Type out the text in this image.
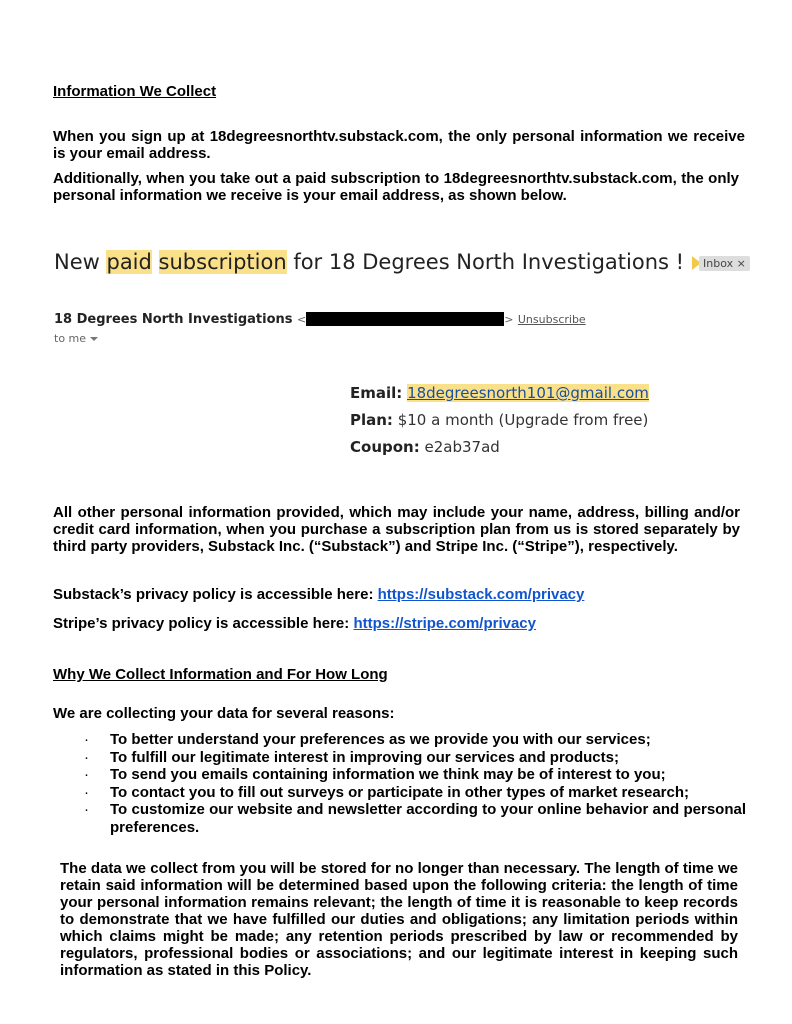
Information We Collect
When you sign up at 18degreesnorthtv.substack.com, the only personal information we receive is your email address.
Additionally, when you take out a paid subscription to 18degreesnorthtv.substack.com, the only personal information we receive is your email address, as shown below.
New paid subscription for 18 Degrees North Investigations !	Inbox ×
18 Degrees North Investigations <	> Unsubscribe
to me
Email: 18degreesnorth101@gmail.com
Plan: $10 a month (Upgrade from free)
Coupon: e2ab37ad
All other personal information provided, which may include your name, address, billing and/or credit card information, when you purchase a subscription plan from us is stored separately by third party providers, Substack Inc. (“Substack”) and Stripe Inc. (“Stripe”), respectively.
Substack’s privacy policy is accessible here: https://substack.com/privacy
Stripe’s privacy policy is accessible here: https://stripe.com/privacy
Why We Collect Information and For How Long
We are collecting your data for several reasons:
· To better understand your preferences as we provide you with our services;
· To fulfill our legitimate interest in improving our services and products;
· To send you emails containing information we think may be of interest to you;
· To contact you to fill out surveys or participate in other types of market research;
· To customize our website and newsletter according to your online behavior and personal preferences.
The data we collect from you will be stored for no longer than necessary. The length of time we retain said information will be determined based upon the following criteria: the length of time your personal information remains relevant; the length of time it is reasonable to keep records to demonstrate that we have fulfilled our duties and obligations; any limitation periods within which claims might be made; any retention periods prescribed by law or recommended by regulators, professional bodies or associations; and our legitimate interest in keeping such information as stated in this Policy.
